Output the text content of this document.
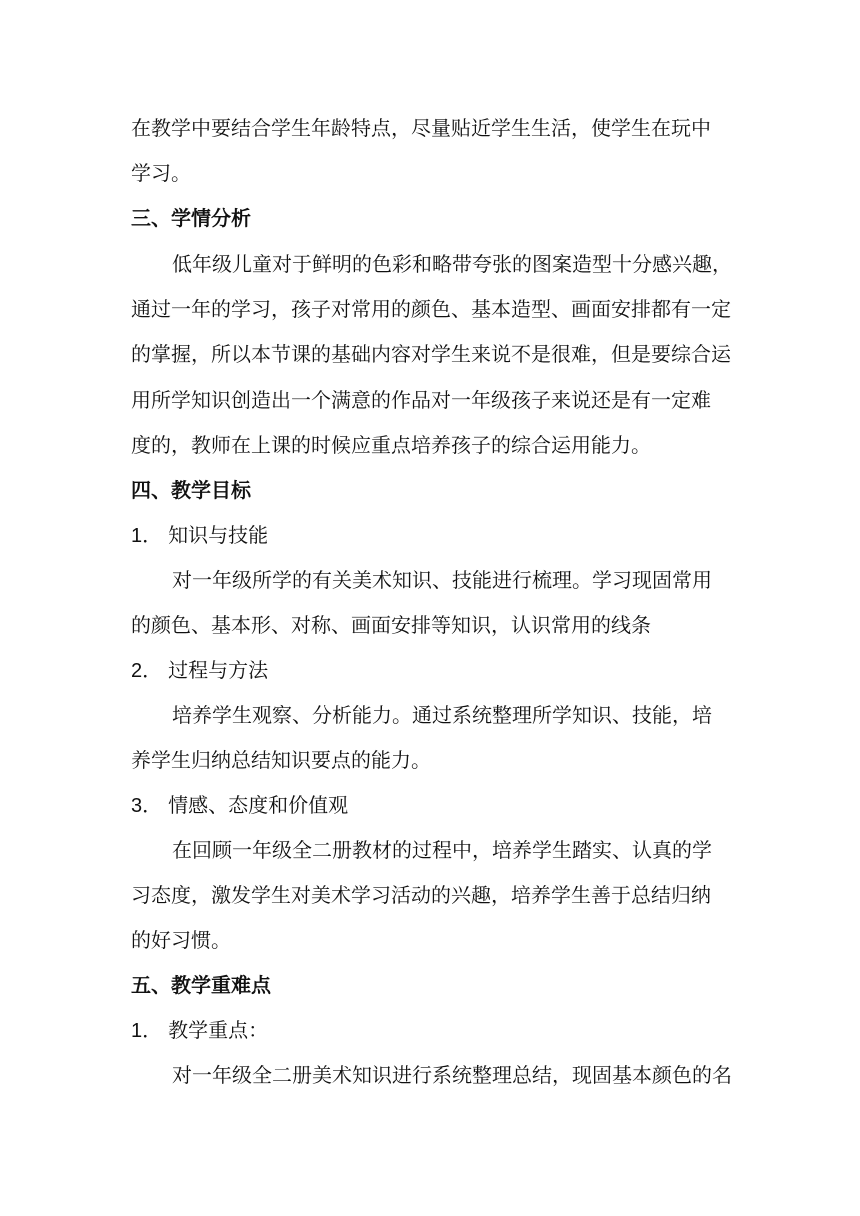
在教学中要结合学生年龄特点，尽量贴近学生生活，使学生在玩中
学习。
三、学情分析
低年级儿童对于鲜明的色彩和略带夸张的图案造型十分感兴趣，
通过一年的学习，孩子对常用的颜色、基本造型、画面安排都有一定
的掌握，所以本节课的基础内容对学生来说不是很难，但是要综合运
用所学知识创造出一个满意的作品对一年级孩子来说还是有一定难
度的，教师在上课的时候应重点培养孩子的综合运用能力。
四、教学目标
1． 知识与技能
对一年级所学的有关美术知识、技能进行梳理。学习现固常用
的颜色、基本形、对称、画面安排等知识，认识常用的线条
2． 过程与方法
培养学生观察、分析能力。通过系统整理所学知识、技能，培
养学生归纳总结知识要点的能力。
3． 情感、态度和价值观
在回顾一年级全二册教材的过程中，培养学生踏实、认真的学
习态度，激发学生对美术学习活动的兴趣，培养学生善于总结归纳
的好习惯。
五、教学重难点
1． 教学重点：
对一年级全二册美术知识进行系统整理总结，现固基本颜色的名
